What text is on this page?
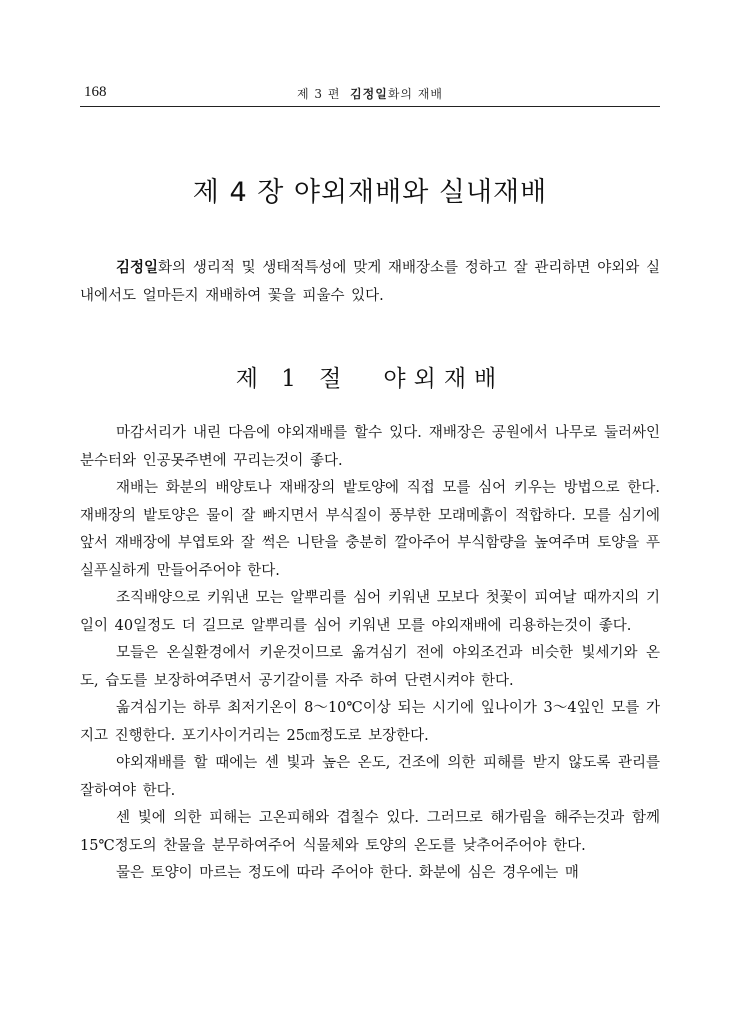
168	제 3 편 김정일화의 재배
제 4 장 야외재배와 실내재배

김정일화의 생리적 및 생태적특성에 맞게 재배장소를 정하고 잘 관리하면 야외와 실내에서도 얼마든지 재배하여 꽃을 피울수 있다.

제 1 절 야외재배

마감서리가 내린 다음에 야외재배를 할수 있다. 재배장은 공원에서 나무로 둘러싸인 분수터와 인공못주변에 꾸리는것이 좋다.

재배는 화분의 배양토나 재배장의 밭토양에 직접 모를 심어 키우는 방법으로 한다. 재배장의 밭토양은 물이 잘 빠지면서 부식질이 풍부한 모래메흙이 적합하다. 모를 심기에 앞서 재배장에 부엽토와 잘 썩은 니탄을 충분히 깔아주어 부식함량을 높여주며 토양을 푸실푸실하게 만들어주어야 한다.

조직배양으로 키워낸 모는 알뿌리를 심어 키워낸 모보다 첫꽃이 피여날 때까지의 기일이 40일정도 더 길므로 알뿌리를 심어 키워낸 모를 야외재배에 리용하는것이 좋다.

모들은 온실환경에서 키운것이므로 옮겨심기 전에 야외조건과 비슷한 빛세기와 온도, 습도를 보장하여주면서 공기갈이를 자주 하여 단련시켜야 한다.

옮겨심기는 하루 최저기온이 8～10℃이상 되는 시기에 잎나이가 3～4잎인 모를 가지고 진행한다. 포기사이거리는 25㎝정도로 보장한다.

야외재배를 할 때에는 센 빛과 높은 온도, 건조에 의한 피해를 받지 않도록 관리를 잘하여야 한다.

센 빛에 의한 피해는 고온피해와 겹칠수 있다. 그러므로 해가림을 해주는것과 함께 15℃정도의 찬물을 분무하여주어 식물체와 토양의 온도를 낮추어주어야 한다.

물은 토양이 마르는 정도에 따라 주어야 한다. 화분에 심은 경우에는 매
